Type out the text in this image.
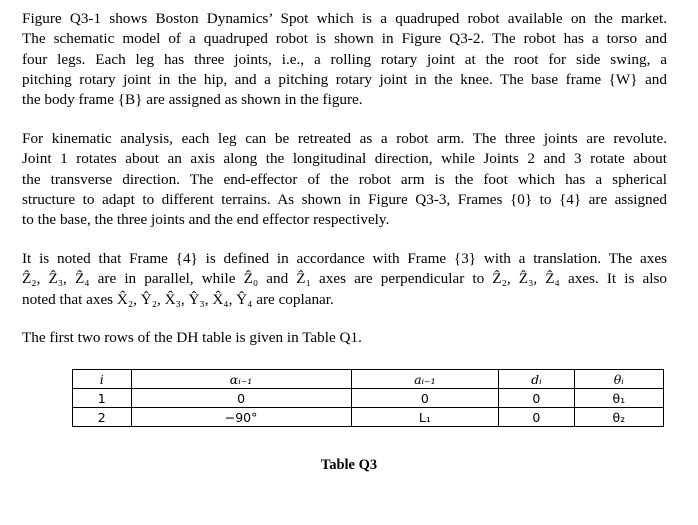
Figure Q3-1 shows Boston Dynamics’ Spot which is a quadruped robot available on the market.
The schematic model of a quadruped robot is shown in Figure Q3-2. The robot has a torso and
four legs. Each leg has three joints, i.e., a rolling rotary joint at the root for side swing, a
pitching rotary joint in the hip, and a pitching rotary joint in the knee. The base frame {W} and
the body frame {B} are assigned as shown in the figure.

For kinematic analysis, each leg can be retreated as a robot arm. The three joints are revolute.
Joint 1 rotates about an axis along the longitudinal direction, while Joints 2 and 3 rotate about
the transverse direction. The end-effector of the robot arm is the foot which has a spherical
structure to adapt to different terrains. As shown in Figure Q3-3, Frames {0} to {4} are assigned
to the base, the three joints and the end effector respectively.

It is noted that Frame {4} is defined in accordance with Frame {3} with a translation. The axes
Ẑ₂, Ẑ₃, Ẑ₄ are in parallel, while Ẑ₀ and Ẑ₁ axes are perpendicular to Ẑ₂, Ẑ₃, Ẑ₄ axes. It is also
noted that axes X̂₂, Ŷ₂, X̂₃, Ŷ₃, X̂₄, Ŷ₄ are coplanar.

The first two rows of the DH table is given in Table Q1.

i	αᵢ₋₁	aᵢ₋₁	dᵢ	θᵢ
1	0	0	0	θ₁
2	−90°	L₁	0	θ₂
Table Q3
